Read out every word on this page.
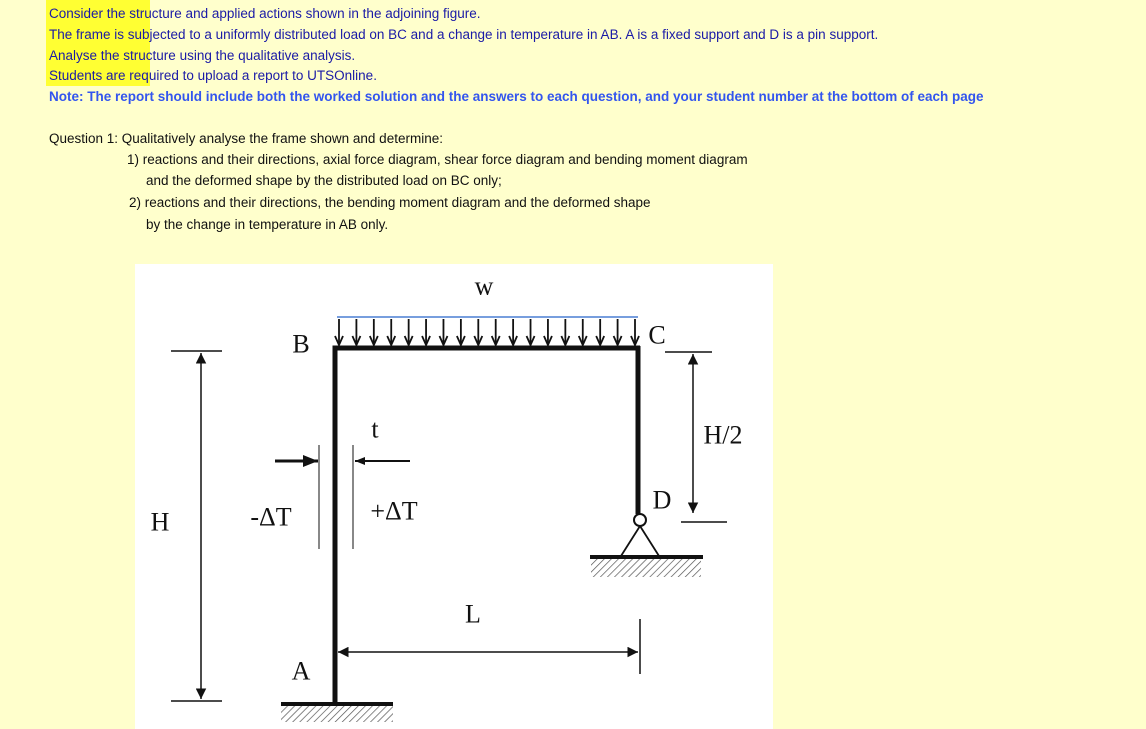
Consider the structure and applied actions shown in the adjoining figure.
The frame is subjected to a uniformly distributed load on BC and a change in temperature in AB. A is a fixed support and D is a pin support.
Analyse the structure using the qualitative analysis.
Students are required to upload a report to UTSOnline.
Note: The report should include both the worked solution and the answers to each question, and your student number at the bottom of each page
Question 1: Qualitatively analyse the frame shown and determine:
1) reactions and their directions, axial force diagram, shear force diagram and bending moment diagram
and the deformed shape by the distributed load on BC only;
2) reactions and their directions, the bending moment diagram and the deformed shape
by the change in temperature in AB only.
w
B	C
D
A
H
H/2
t
-ΔT	+ΔT
L
